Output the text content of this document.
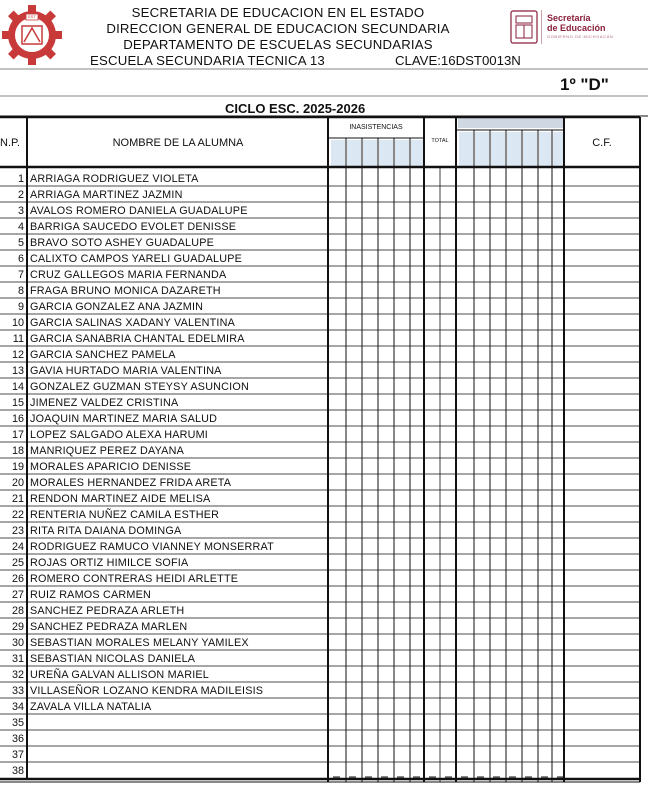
EST	SECRETARIA DE EDUCACION EN EL ESTADO
DIRECCION GENERAL DE EDUCACION SECUNDARIA
DEPARTAMENTO DE ESCUELAS SECUNDARIAS
ESCUELA SECUNDARIA TECNICA 13	CLAVE:16DST0013N
Secretaría
de Educación
GOBIERNO DE MICHOACÁN
1º "D"
CICLO ESC. 2025-2026
N.P.	NOMBRE DE LA ALUMNA
INASISTENCIAS
TOTAL	C.F.
1 ARRIAGA RODRIGUEZ VIOLETA
2 ARRIAGA MARTINEZ JAZMIN
3 AVALOS ROMERO DANIELA GUADALUPE
4 BARRIGA SAUCEDO EVOLET DENISSE
5 BRAVO SOTO ASHEY GUADALUPE
6 CALIXTO CAMPOS YARELI GUADALUPE
7 CRUZ GALLEGOS MARIA FERNANDA
8 FRAGA BRUNO MONICA DAZARETH
9 GARCIA GONZALEZ ANA JAZMIN
10 GARCIA SALINAS XADANY VALENTINA
11 GARCIA SANABRIA CHANTAL EDELMIRA
12 GARCIA SANCHEZ PAMELA
13 GAVIA HURTADO MARIA VALENTINA
14 GONZALEZ GUZMAN STEYSY ASUNCION
15 JIMENEZ VALDEZ CRISTINA
16 JOAQUIN MARTINEZ MARIA SALUD
17 LOPEZ SALGADO ALEXA HARUMI
18 MANRIQUEZ PEREZ DAYANA
19 MORALES APARICIO DENISSE
20 MORALES HERNANDEZ FRIDA ARETA
21 RENDON MARTINEZ AIDE MELISA
22 RENTERIA NUÑEZ CAMILA ESTHER
23 RITA RITA DAIANA DOMINGA
24 RODRIGUEZ RAMUCO VIANNEY MONSERRAT
25 ROJAS ORTIZ HIMILCE SOFIA
26 ROMERO CONTRERAS HEIDI ARLETTE
27 RUIZ RAMOS CARMEN
28 SANCHEZ PEDRAZA ARLETH
29 SANCHEZ PEDRAZA MARLEN
30 SEBASTIAN MORALES MELANY YAMILEX
31 SEBASTIAN NICOLAS DANIELA
32 UREÑA GALVAN ALLISON MARIEL
33 VILLASEÑOR LOZANO KENDRA MADILEISIS
34 ZAVALA VILLA NATALIA
35
36
37
38
